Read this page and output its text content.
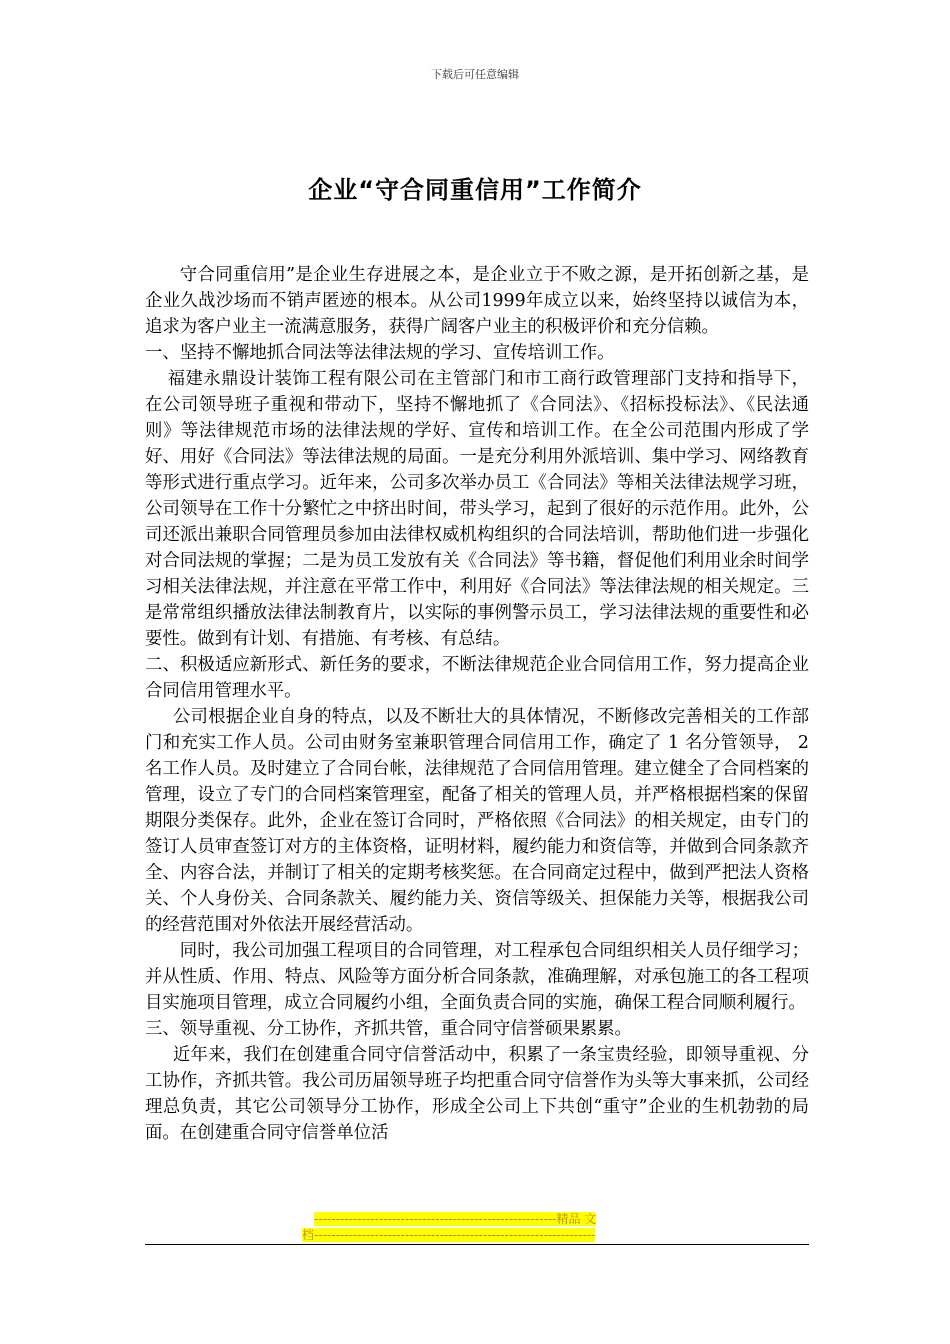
下载后可任意编辑
企业“守合同重信用”工作简介

守合同重信用”是企业生存进展之本，是企业立于不败之源，是开拓创新之基，是企业久战沙场而不销声匿迹的根本。从公司1999年成立以来，始终坚持以诚信为本，追求为客户业主一流满意服务，获得广阔客户业主的积极评价和充分信赖。

一、坚持不懈地抓合同法等法律法规的学习、宣传培训工作。

福建永鼎设计装饰工程有限公司在主管部门和市工商行政管理部门支持和指导下，在公司领导班子重视和带动下，坚持不懈地抓了《合同法》、《招标投标法》、《民法通则》等法律规范市场的法律法规的学好、宣传和培训工作。在全公司范围内形成了学好、用好《合同法》等法律法规的局面。一是充分利用外派培训、集中学习、网络教育等形式进行重点学习。近年来，公司多次举办员工《合同法》等相关法律法规学习班，公司领导在工作十分繁忙之中挤出时间，带头学习，起到了很好的示范作用。此外，公司还派出兼职合同管理员参加由法律权威机构组织的合同法培训，帮助他们进一步强化对合同法规的掌握；二是为员工发放有关《合同法》等书籍，督促他们利用业余时间学习相关法律法规，并注意在平常工作中，利用好《合同法》等法律法规的相关规定。三是常常组织播放法律法制教育片，以实际的事例警示员工，学习法律法规的重要性和必要性。做到有计划、有措施、有考核、有总结。

二、积极适应新形式、新任务的要求，不断法律规范企业合同信用工作，努力提高企业合同信用管理水平。

公司根据企业自身的特点，以及不断壮大的具体情况，不断修改完善相关的工作部门和充实工作人员。公司由财务室兼职管理合同信用工作，确定了 1 名分管领导， 2名工作人员。及时建立了合同台帐，法律规范了合同信用管理。建立健全了合同档案的管理，设立了专门的合同档案管理室，配备了相关的管理人员，并严格根据档案的保留期限分类保存。此外，企业在签订合同时，严格依照《合同法》的相关规定，由专门的签订人员审查签订对方的主体资格，证明材料，履约能力和资信等，并做到合同条款齐全、内容合法，并制订了相关的定期考核奖惩。在合同商定过程中，做到严把法人资格关、个人身份关、合同条款关、履约能力关、资信等级关、担保能力关等，根据我公司的经营范围对外依法开展经营活动。

同时，我公司加强工程项目的合同管理，对工程承包合同组织相关人员仔细学习；并从性质、作用、特点、风险等方面分析合同条款，准确理解，对承包施工的各工程项目实施项目管理，成立合同履约小组，全面负责合同的实施，确保工程合同顺利履行。

三、领导重视、分工协作，齐抓共管，重合同守信誉硕果累累。

近年来，我们在创建重合同守信誉活动中，积累了一条宝贵经验，即领导重视、分工协作，齐抓共管。我公司历届领导班子均把重合同守信誉作为头等大事来抓，公司经理总负责，其它公司领导分工协作，形成全公司上下共创“重守”企业的生机勃勃的局面。在创建重合同守信誉单位活

--------------------------------------------------------精品 文
档-----------------------------------------------------------------
